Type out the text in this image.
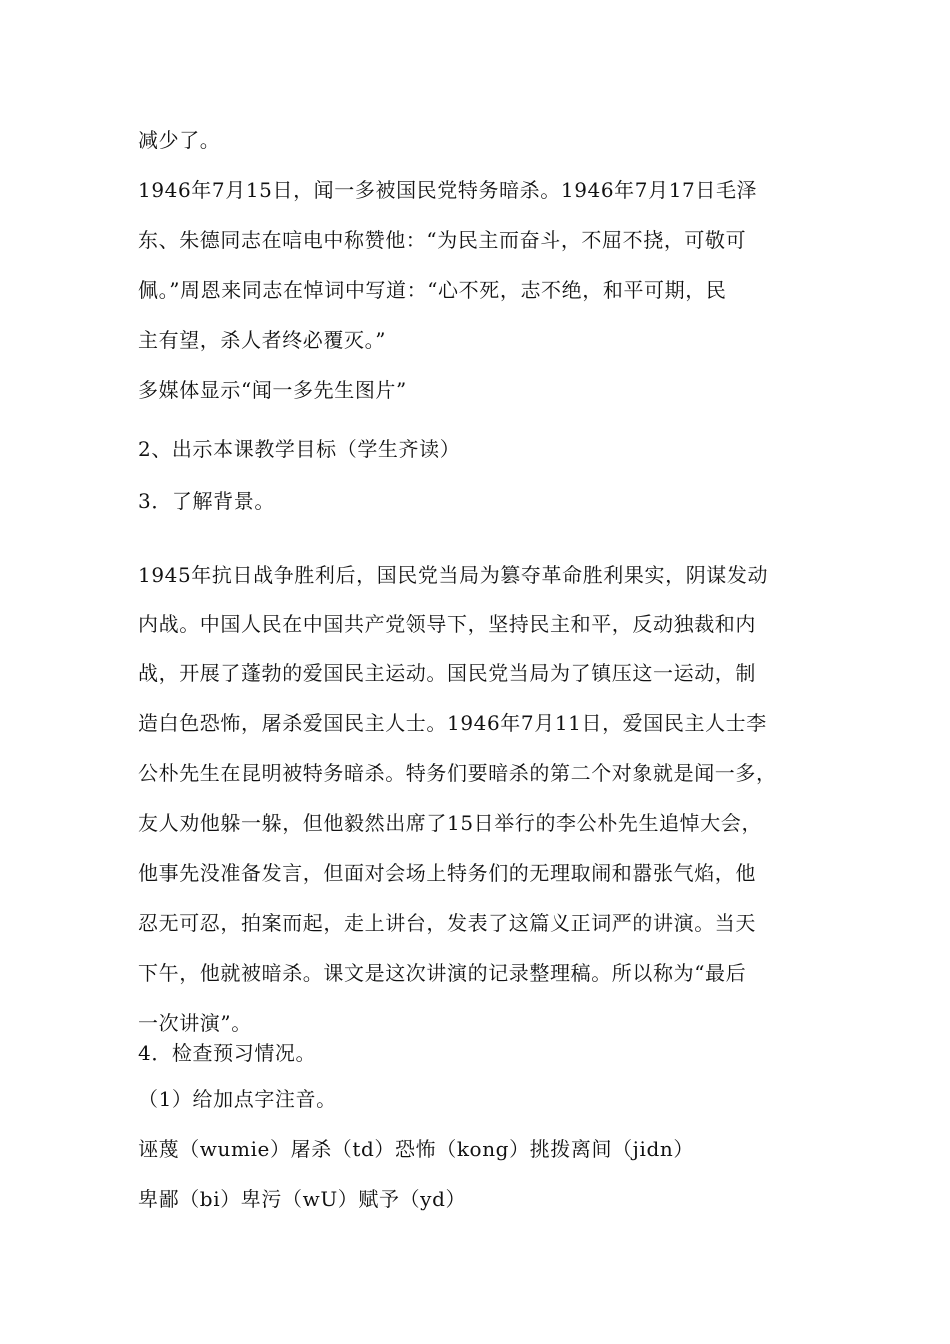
减少了。
1946年7月15日，闻一多被国民党特务暗杀。1946年7月17日毛泽
东、朱德同志在唁电中称赞他：“为民主而奋斗，不屈不挠，可敬可
佩。”周恩来同志在悼词中写道：“心不死，志不绝，和平可期，民
主有望，杀人者终必覆灭。”
多媒体显示“闻一多先生图片”
2、出示本课教学目标（学生齐读）
3．了解背景。
1945年抗日战争胜利后，国民党当局为篡夺革命胜利果实，阴谋发动
内战。中国人民在中国共产党领导下，坚持民主和平，反动独裁和内
战，开展了蓬勃的爱国民主运动。国民党当局为了镇压这一运动，制
造白色恐怖，屠杀爱国民主人士。1946年7月11日，爱国民主人士李
公朴先生在昆明被特务暗杀。特务们要暗杀的第二个对象就是闻一多，
友人劝他躲一躲，但他毅然出席了15日举行的李公朴先生追悼大会，
他事先没准备发言，但面对会场上特务们的无理取闹和嚣张气焰，他
忍无可忍，拍案而起，走上讲台，发表了这篇义正词严的讲演。当天
下午，他就被暗杀。课文是这次讲演的记录整理稿。所以称为“最后
一次讲演”。
4．检查预习情况。
（1）给加点字注音。
诬蔑（wumie）屠杀（td）恐怖（kong）挑拨离间（jidn）
卑鄙（bi）卑污（wU）赋予（yd）
